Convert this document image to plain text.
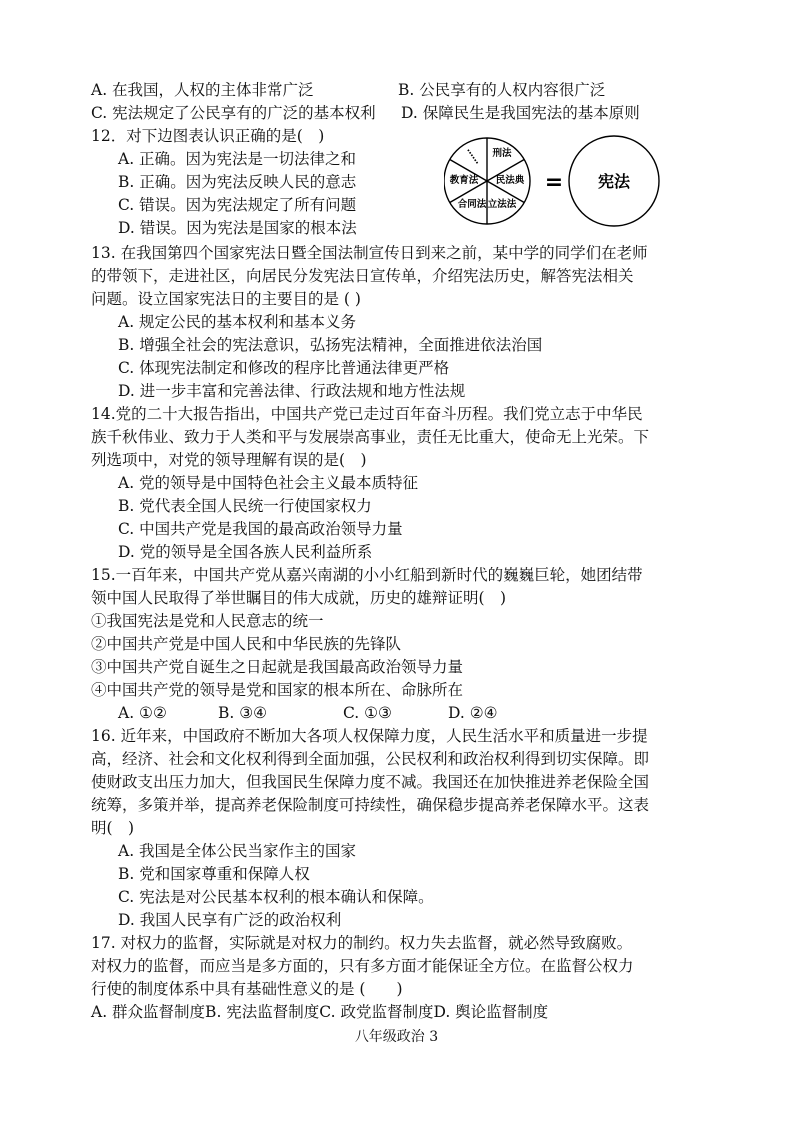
A. 在我国，人权的主体非常广泛	B. 公民享有的人权内容很广泛
C. 宪法规定了公民享有的广泛的基本权利 D. 保障民生是我国宪法的基本原则
12．对下边图表认识正确的是(　)
A. 正确。因为宪法是一切法律之和
B. 正确。因为宪法反映人民的意志
C. 错误。因为宪法规定了所有问题
D. 错误。因为宪法是国家的根本法
刑法
民法典
立法法
合同法
教育法
……
= 宪法
13. 在我国第四个国家宪法日暨全国法制宣传日到来之前，某中学的同学们在老师
的带领下，走进社区，向居民分发宪法日宣传单，介绍宪法历史，解答宪法相关
问题。设立国家宪法日的主要目的是 ( )
A. 规定公民的基本权利和基本义务
B. 增强全社会的宪法意识，弘扬宪法精神，全面推进依法治国
C. 体现宪法制定和修改的程序比普通法律更严格
D. 进一步丰富和完善法律、行政法规和地方性法规
14.党的二十大报告指出，中国共产党已走过百年奋斗历程。我们党立志于中华民
族千秋伟业、致力于人类和平与发展崇高事业，责任无比重大，使命无上光荣。下
列选项中，对党的领导理解有误的是(　)
A. 党的领导是中国特色社会主义最本质特征
B. 党代表全国人民统一行使国家权力
C. 中国共产党是我国的最高政治领导力量
D. 党的领导是全国各族人民利益所系
15.一百年来，中国共产党从嘉兴南湖的小小红船到新时代的巍巍巨轮，她团结带
领中国人民取得了举世瞩目的伟大成就，历史的雄辩证明(　)
①我国宪法是党和人民意志的统一
②中国共产党是中国人民和中华民族的先锋队
③中国共产党自诞生之日起就是我国最高政治领导力量
④中国共产党的领导是党和国家的根本所在、命脉所在
A. ①②	B. ③④	C. ①③	D. ②④
16. 近年来，中国政府不断加大各项人权保障力度，人民生活水平和质量进一步提
高，经济、社会和文化权利得到全面加强，公民权利和政治权利得到切实保障。即
使财政支出压力加大，但我国民生保障力度不减。我国还在加快推进养老保险全国
统筹，多策并举，提高养老保险制度可持续性，确保稳步提高养老保障水平。这表
明(　)
A. 我国是全体公民当家作主的国家
B. 党和国家尊重和保障人权
C. 宪法是对公民基本权利的根本确认和保障。
D. 我国人民享有广泛的政治权利
17. 对权力的监督，实际就是对权力的制约。权力失去监督，就必然导致腐败。
对权力的监督，而应当是多方面的，只有多方面才能保证全方位。在监督公权力
行使的制度体系中具有基础性意义的是 (　　)
A. 群众监督制度B. 宪法监督制度C. 政党监督制度D. 舆论监督制度
八年级政治 3
